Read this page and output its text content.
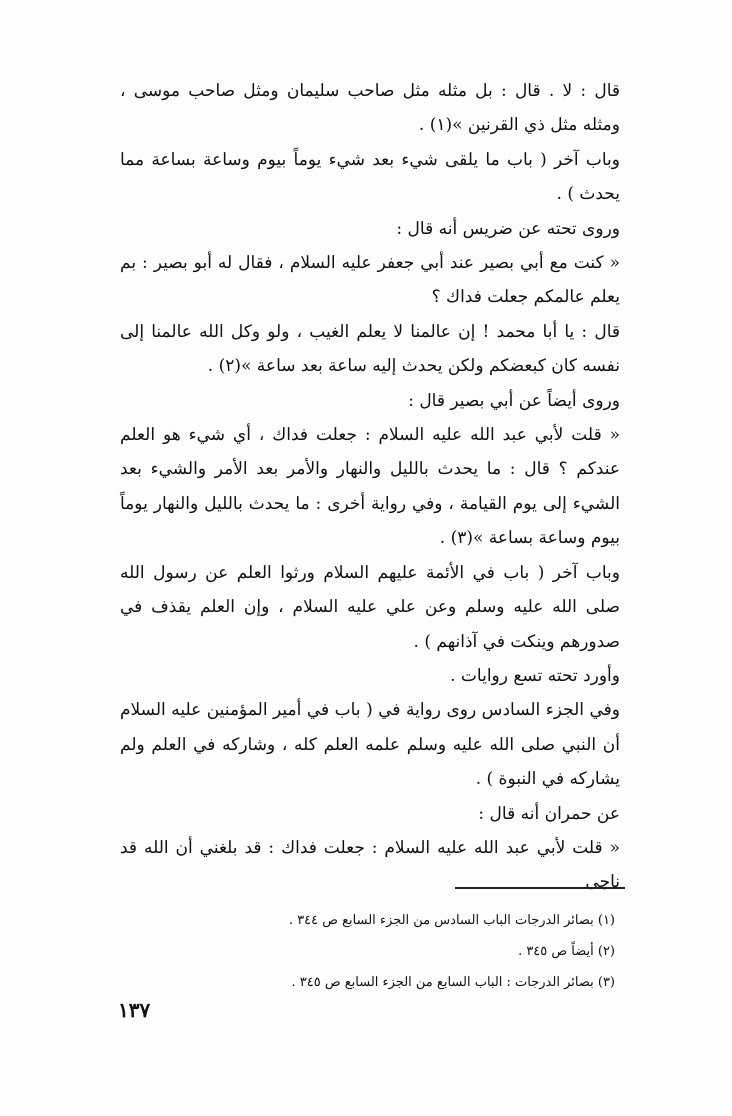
قال : لا . قال : بل مثله مثل صاحب سليمان ومثل صاحب موسى ، ومثله مثل ذي القرنين »(١) .

وباب آخر ( باب ما يلقى شيء بعد شيء يوماً بيوم وساعة بساعة مما يحدث ) .

وروى تحته عن ضريس أنه قال :

« كنت مع أبي بصير عند أبي جعفر عليه السلام ، فقال له أبو بصير : بم يعلم عالمكم جعلت فداك ؟

قال : يا أبا محمد ! إن عالمنا لا يعلم الغيب ، ولو وكل الله عالمنا إلى نفسه كان كبعضكم ولكن يحدث إليه ساعة بعد ساعة »(٢) .

وروى أيضاً عن أبي بصير قال :

« قلت لأبي عبد الله عليه السلام : جعلت فداك ، أي شيء هو العلم عندكم ؟ قال : ما يحدث بالليل والنهار والأمر بعد الأمر والشيء بعد الشيء إلى يوم القيامة ، وفي رواية أخرى : ما يحدث بالليل والنهار يوماً بيوم وساعة بساعة »(٣) .

وباب آخر ( باب في الأئمة عليهم السلام ورثوا العلم عن رسول الله صلى الله عليه وسلم وعن علي عليه السلام ، وإن العلم يقذف في صدورهم وينكت في آذانهم ) .

وأورد تحته تسع روايات .

وفي الجزء السادس روى رواية في ( باب في أمير المؤمنين عليه السلام أن النبي صلى الله عليه وسلم علمه العلم كله ، وشاركه في العلم ولم يشاركه في النبوة ) .

عن حمران أنه قال :

« قلت لأبي عبد الله عليه السلام : جعلت فداك : قد بلغني أن الله قد ناجى

(١) بصائر الدرجات الباب السادس من الجزء السابع ص ٣٤٤ .

(٢) أيضاً ص ٣٤٥ .

(٣) بصائر الدرجات : الباب السابع من الجزء السابع ص ٣٤٥ .

١٣٧
